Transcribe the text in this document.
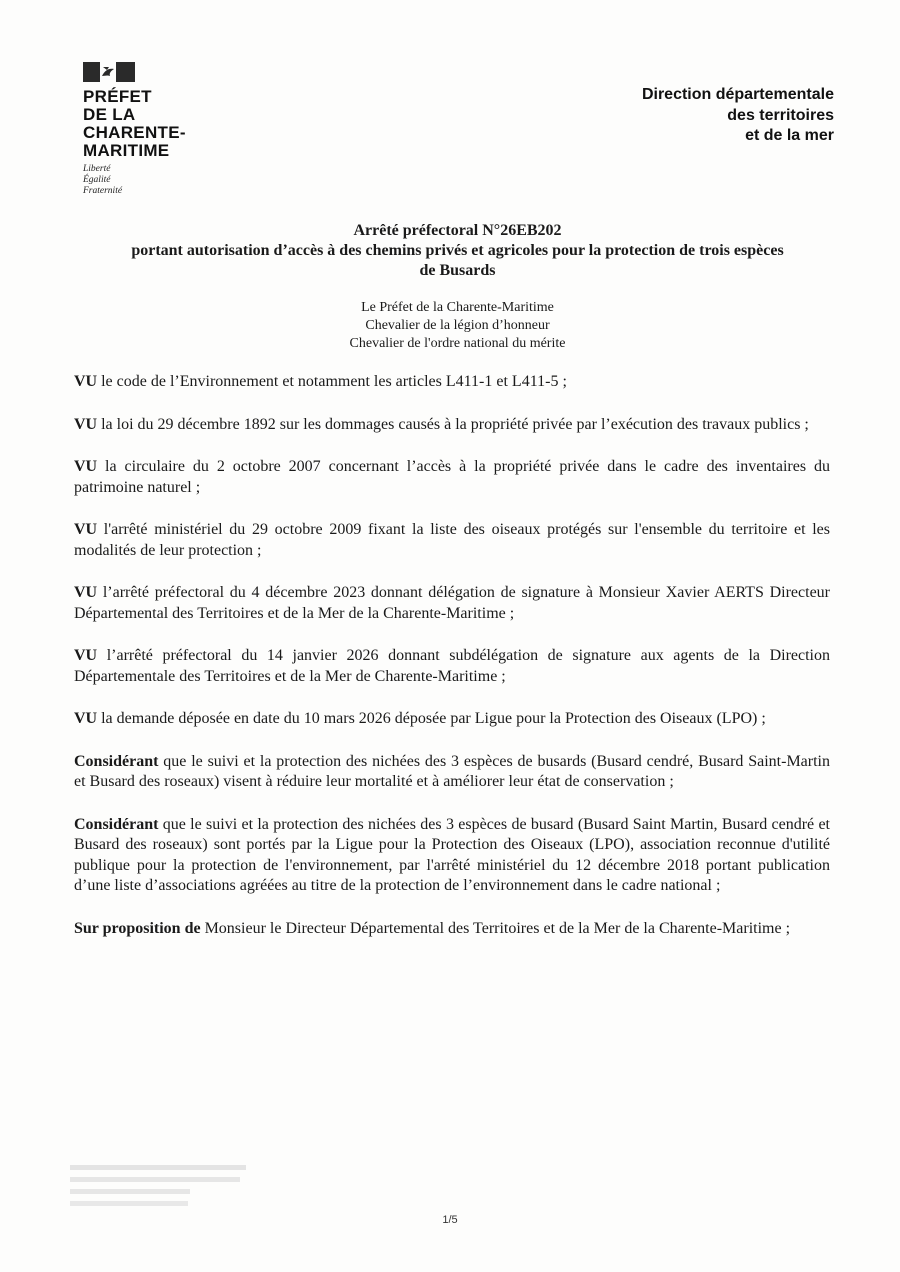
PRÉFET
DE LA
CHARENTE-
MARITIME
Liberté
Égalité
Fraternité
Direction départementale
des territoires
et de la mer
Arrêté préfectoral N°26EB202
portant autorisation d’accès à des chemins privés et agricoles pour la protection de trois espèces
de Busards
Le Préfet de la Charente-Maritime
Chevalier de la légion d’honneur
Chevalier de l'ordre national du mérite

VU le code de l’Environnement et notamment les articles L411-1 et L411-5 ;

VU la loi du 29 décembre 1892 sur les dommages causés à la propriété privée par l’exécution des travaux publics ;

VU la circulaire du 2 octobre 2007 concernant l’accès à la propriété privée dans le cadre des inventaires du patrimoine naturel ;

VU l'arrêté ministériel du 29 octobre 2009 fixant la liste des oiseaux protégés sur l'ensemble du territoire et les modalités de leur protection ;

VU l’arrêté préfectoral du 4 décembre 2023 donnant délégation de signature à Monsieur Xavier AERTS Directeur Départemental des Territoires et de la Mer de la Charente-Maritime ;

VU l’arrêté préfectoral du 14 janvier 2026 donnant subdélégation de signature aux agents de la Direction Départementale des Territoires et de la Mer de Charente-Maritime ;

VU la demande déposée en date du 10 mars 2026 déposée par Ligue pour la Protection des Oiseaux (LPO) ;

Considérant que le suivi et la protection des nichées des 3 espèces de busards (Busard cendré, Busard Saint-Martin et Busard des roseaux) visent à réduire leur mortalité et à améliorer leur état de conservation ;

Considérant que le suivi et la protection des nichées des 3 espèces de busard (Busard Saint Martin, Busard cendré et Busard des roseaux) sont portés par la Ligue pour la Protection des Oiseaux (LPO), association reconnue d'utilité publique pour la protection de l'environnement, par l'arrêté ministériel du 12 décembre 2018 portant publication d’une liste d’associations agréées au titre de la protection de l’environnement dans le cadre national ;

Sur proposition de Monsieur le Directeur Départemental des Territoires et de la Mer de la Charente-Maritime ;

1/5
